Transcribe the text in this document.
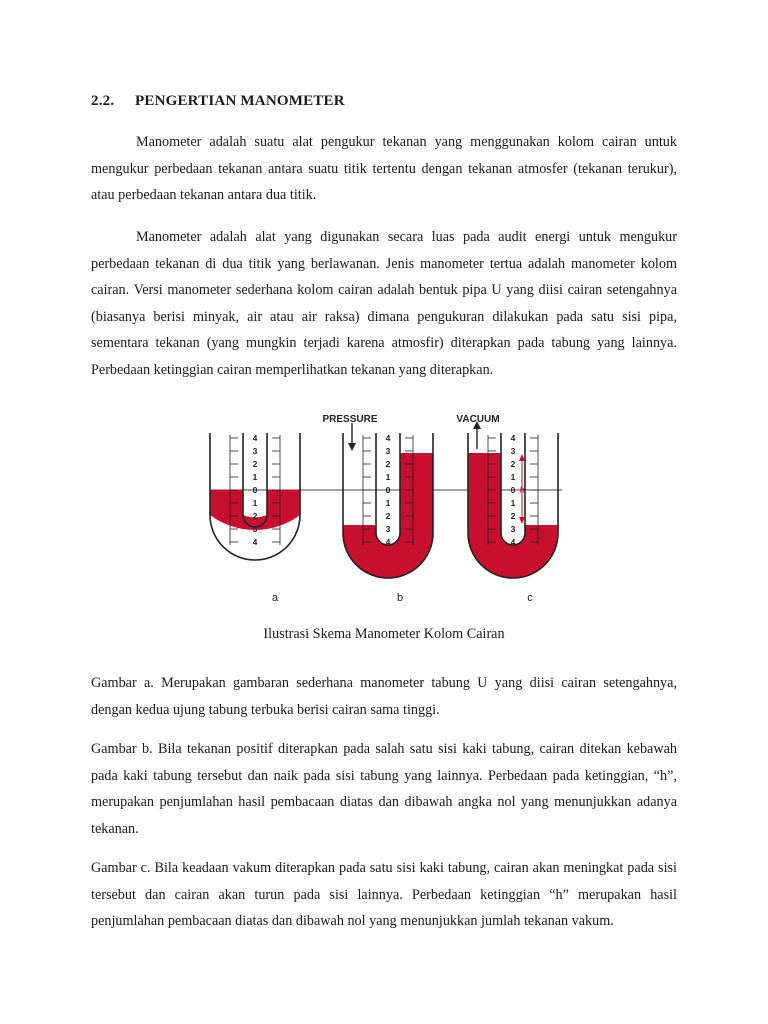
2.2. PENGERTIAN MANOMETER

Manometer adalah suatu alat pengukur tekanan yang menggunakan kolom cairan untuk mengukur perbedaan tekanan antara suatu titik tertentu dengan tekanan atmosfer (tekanan terukur), atau perbedaan tekanan antara dua titik.

Manometer adalah alat yang digunakan secara luas pada audit energi untuk mengukur perbedaan tekanan di dua titik yang berlawanan. Jenis manometer tertua adalah manometer kolom cairan. Versi manometer sederhana kolom cairan adalah bentuk pipa U yang diisi cairan setengahnya (biasanya berisi minyak, air atau air raksa) dimana pengukuran dilakukan pada satu sisi pipa, sementara tekanan (yang mungkin terjadi karena atmosfir) diterapkan pada tabung yang lainnya. Perbedaan ketinggian cairan memperlihatkan tekanan yang diterapkan.

PRESSURE	VACUUM
4
3
2
1
0
1
2
3
4
4
3
2
1
0
1
2
3
4
4
3
2
1
0
1
2
3
4
h	h
a	b	c
Ilustrasi Skema Manometer Kolom Cairan

Gambar a. Merupakan gambaran sederhana manometer tabung U yang diisi cairan setengahnya, dengan kedua ujung tabung terbuka berisi cairan sama tinggi.

Gambar b. Bila tekanan positif diterapkan pada salah satu sisi kaki tabung, cairan ditekan kebawah pada kaki tabung tersebut dan naik pada sisi tabung yang lainnya. Perbedaan pada ketinggian, “h”, merupakan penjumlahan hasil pembacaan diatas dan dibawah angka nol yang menunjukkan adanya tekanan.

Gambar c. Bila keadaan vakum diterapkan pada satu sisi kaki tabung, cairan akan meningkat pada sisi tersebut dan cairan akan turun pada sisi lainnya. Perbedaan ketinggian “h” merupakan hasil penjumlahan pembacaan diatas dan dibawah nol yang menunjukkan jumlah tekanan vakum.
